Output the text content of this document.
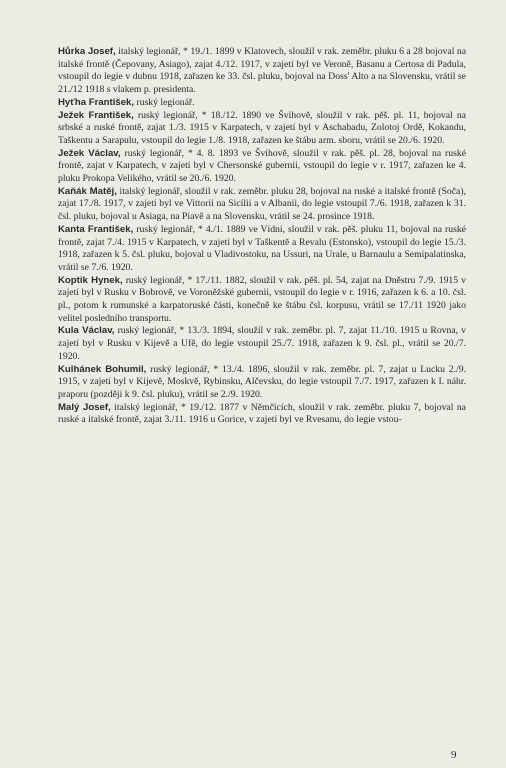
Hůrka Josef, italský legionář, * 19./1. 1899 v Klatovech, sloužil v rak. zeměbr. pluku 6 a 28 bojoval na italské frontě (Čepovany, Asiago), zajat 4./12. 1917, v zajetí byl ve Veroně, Basanu a Certosa di Padula, vstoupil do legie v dubnu 1918, zařazen ke 33. čsl. pluku, bojoval na Doss' Alto a na Slovensku, vrátil se 21./12 1918 s vlakem p. presidenta.

Hyťha František, ruský legionář.

Ježek František, ruský legionář, * 18./12. 1890 ve Švihově, sloužil v rak. pěš. pl. 11, bojoval na srbské a ruské frontě, zajat 1./3. 1915 v Karpatech, v zajetí byl v Aschabadu, Zolotoj Ordě, Kokandu, Taškentu a Sarapulu, vstoupil do legie 1./8. 1918, zařazen ke štábu arm. sboru, vrátil se 20./6. 1920.

Ježek Václav, ruský legionář, * 4. 8. 1893 ve Švihově, sloužil v rak. pěš. pl. 28, bojoval na ruské frontě, zajat v Karpatech, v zajetí byl v Chersonské gubernii, vstoupil do legie v r. 1917, zařazen ke 4. pluku Prokopa Velikého, vrátil se 20./6. 1920.

Kaňák Matěj, italský legionář, sloužil v rak. zeměbr. pluku 28, bojoval na ruské a italské frontě (Soča), zajat 17./8. 1917, v zajetí byl ve Vittorii na Sicílii a v Albanii, do legie vstoupil 7./6. 1918, zařazen k 31. čsl. pluku, bojoval u Asiaga, na Piavě a na Slovensku, vrátil se 24. prosince 1918.

Kanta František, ruský legionář, * 4./1. 1889 ve Vídni, sloužil v rak. pěš. pluku 11, bojoval na ruské frontě, zajat 7./4. 1915 v Karpatech, v zajetí byl v Taškentě a Revalu (Estonsko), vstoupil do legie 15./3. 1918, zařazen k 5. čsl. pluku, bojoval u Vladivostoku, na Ussuri, na Urale, u Barnaulu a Semipalatinska, vrátil se 7./6. 1920.

Koptik Hynek, ruský legionář, * 17./11. 1882, sloužil v rak. pěš. pl. 54, zajat na Dněstru 7./9. 1915 v zajetí byl v Rusku v Bobrově, ve Voroněžské gubernii, vstoupil do legie v r. 1916, zařazen k 6. a 10. čsl. pl., potom k rumunské a karpatoruské části, konečně ke štábu čsl. korpusu, vrátil se 17./11 1920 jako velitel posledního transportu.

Kula Václav, ruský legionář, * 13./3. 1894, sloužil v rak. zeměbr. pl. 7, zajat 11./10. 1915 u Rovna, v zajetí byl v Rusku v Kijevě a Ufě, do legie vstoupil 25./7. 1918, zařazen k 9. čsl. pl., vrátil se 20./7. 1920.

Kulhánek Bohumil, ruský legionář, * 13./4. 1896, sloužil v rak. zeměbr. pl. 7, zajat u Lucku 2./9. 1915, v zajetí byl v Kijevě, Moskvě, Rybinsku, Alčevsku, do legie vstoupil 7./7. 1917, zařazen k I. náhr. praporu (později k 9. čsl. pluku), vrátil se 2./9. 1920.

Malý Josef, italský legionář, * 19./12. 1877 v Němčicích, sloužil v rak. zeměbr. pluku 7, bojoval na ruské a italské frontě, zajat 3./11. 1916 u Gorice, v zajetí byl ve Rvesanu, do legie vstou-

9
